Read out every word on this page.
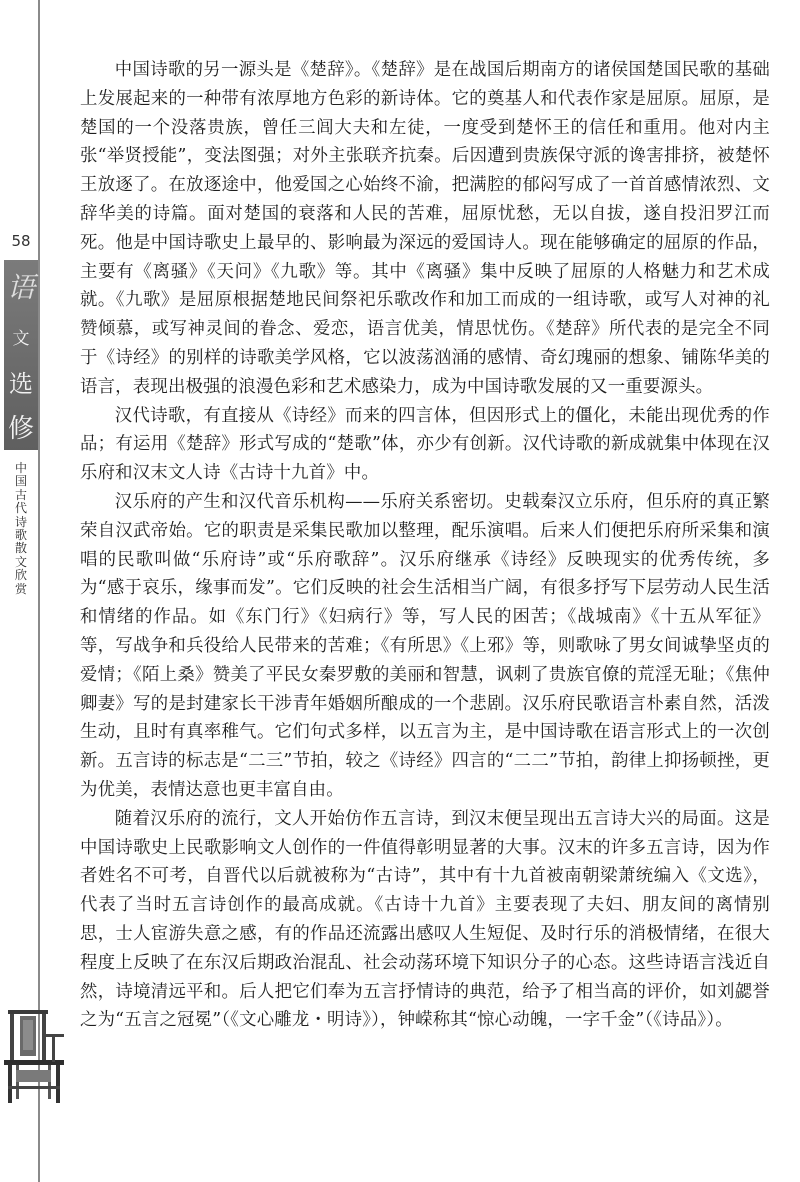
58
语
文
选
修
中国古代诗歌散文欣赏

中国诗歌的另一源头是《楚辞》。《楚辞》是在战国后期南方的诸侯国楚国民歌的基础上发展起来的一种带有浓厚地方色彩的新诗体。它的奠基人和代表作家是屈原。屈原，是楚国的一个没落贵族，曾任三闾大夫和左徒，一度受到楚怀王的信任和重用。他对内主张“举贤授能”，变法图强；对外主张联齐抗秦。后因遭到贵族保守派的谗害排挤，被楚怀王放逐了。在放逐途中，他爱国之心始终不渝，把满腔的郁闷写成了一首首感情浓烈、文辞华美的诗篇。面对楚国的衰落和人民的苦难，屈原忧愁，无以自拔，遂自投汨罗江而死。他是中国诗歌史上最早的、影响最为深远的爱国诗人。现在能够确定的屈原的作品，主要有《离骚》《天问》《九歌》等。其中《离骚》集中反映了屈原的人格魅力和艺术成就。《九歌》是屈原根据楚地民间祭祀乐歌改作和加工而成的一组诗歌，或写人对神的礼赞倾慕，或写神灵间的眷念、爱恋，语言优美，情思忧伤。《楚辞》所代表的是完全不同于《诗经》的别样的诗歌美学风格，它以波荡汹涌的感情、奇幻瑰丽的想象、铺陈华美的语言，表现出极强的浪漫色彩和艺术感染力，成为中国诗歌发展的又一重要源头。

汉代诗歌，有直接从《诗经》而来的四言体，但因形式上的僵化，未能出现优秀的作品；有运用《楚辞》形式写成的“楚歌”体，亦少有创新。汉代诗歌的新成就集中体现在汉乐府和汉末文人诗《古诗十九首》中。

汉乐府的产生和汉代音乐机构——乐府关系密切。史载秦汉立乐府，但乐府的真正繁荣自汉武帝始。它的职责是采集民歌加以整理，配乐演唱。后来人们便把乐府所采集和演唱的民歌叫做“乐府诗”或“乐府歌辞”。汉乐府继承《诗经》反映现实的优秀传统，多为“感于哀乐，缘事而发”。它们反映的社会生活相当广阔，有很多抒写下层劳动人民生活和情绪的作品。如《东门行》《妇病行》等，写人民的困苦；《战城南》《十五从军征》等，写战争和兵役给人民带来的苦难；《有所思》《上邪》等，则歌咏了男女间诚挚坚贞的爱情；《陌上桑》赞美了平民女秦罗敷的美丽和智慧，讽刺了贵族官僚的荒淫无耻；《焦仲卿妻》写的是封建家长干涉青年婚姻所酿成的一个悲剧。汉乐府民歌语言朴素自然，活泼生动，且时有真率稚气。它们句式多样，以五言为主，是中国诗歌在语言形式上的一次创新。五言诗的标志是“二三”节拍，较之《诗经》四言的“二二”节拍，韵律上抑扬顿挫，更为优美，表情达意也更丰富自由。

随着汉乐府的流行，文人开始仿作五言诗，到汉末便呈现出五言诗大兴的局面。这是中国诗歌史上民歌影响文人创作的一件值得彰明显著的大事。汉末的许多五言诗，因为作者姓名不可考，自晋代以后就被称为“古诗”，其中有十九首被南朝梁萧统编入《文选》，代表了当时五言诗创作的最高成就。《古诗十九首》主要表现了夫妇、朋友间的离情别思，士人宦游失意之感，有的作品还流露出感叹人生短促、及时行乐的消极情绪，在很大程度上反映了在东汉后期政治混乱、社会动荡环境下知识分子的心态。这些诗语言浅近自然，诗境清远平和。后人把它们奉为五言抒情诗的典范，给予了相当高的评价，如刘勰誉之为“五言之冠冕”（《文心雕龙・明诗》），钟嵘称其“惊心动魄，一字千金”（《诗品》）。
